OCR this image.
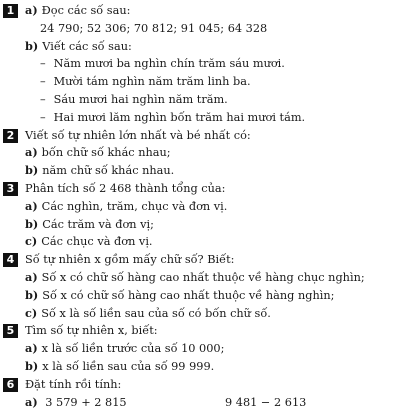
1 a) Đọc các số sau:
24 790; 52 306; 70 812; 91 045; 64 328
b) Viết các số sau:
– Năm mươi ba nghìn chín trăm sáu mươi.
– Mười tám nghìn năm trăm linh ba.
– Sáu mươi hai nghìn năm trăm.
– Hai mươi lăm nghìn bốn trăm hai mươi tám.
2 Viết số tự nhiên lớn nhất và bé nhất có:
a) bốn chữ số khác nhau;
b) năm chữ số khác nhau.
3 Phân tích số 2 468 thành tổng của:
a) Các nghìn, trăm, chục và đơn vị.
b) Các trăm và đơn vị;
c) Các chục và đơn vị.
4 Số tự nhiên x gồm mấy chữ số? Biết:
a) Số x có chữ số hàng cao nhất thuộc về hàng chục nghìn;
b) Số x có chữ số hàng cao nhất thuộc về hàng nghìn;
c) Số x là số liền sau của số có bốn chữ số.
5 Tìm số tự nhiên x, biết:
a) x là số liền trước của số 10 000;
b) x là số liền sau của số 99 999.
6 Đặt tính rồi tính:
a) 3 579 + 2 815	9 481 − 2 613
